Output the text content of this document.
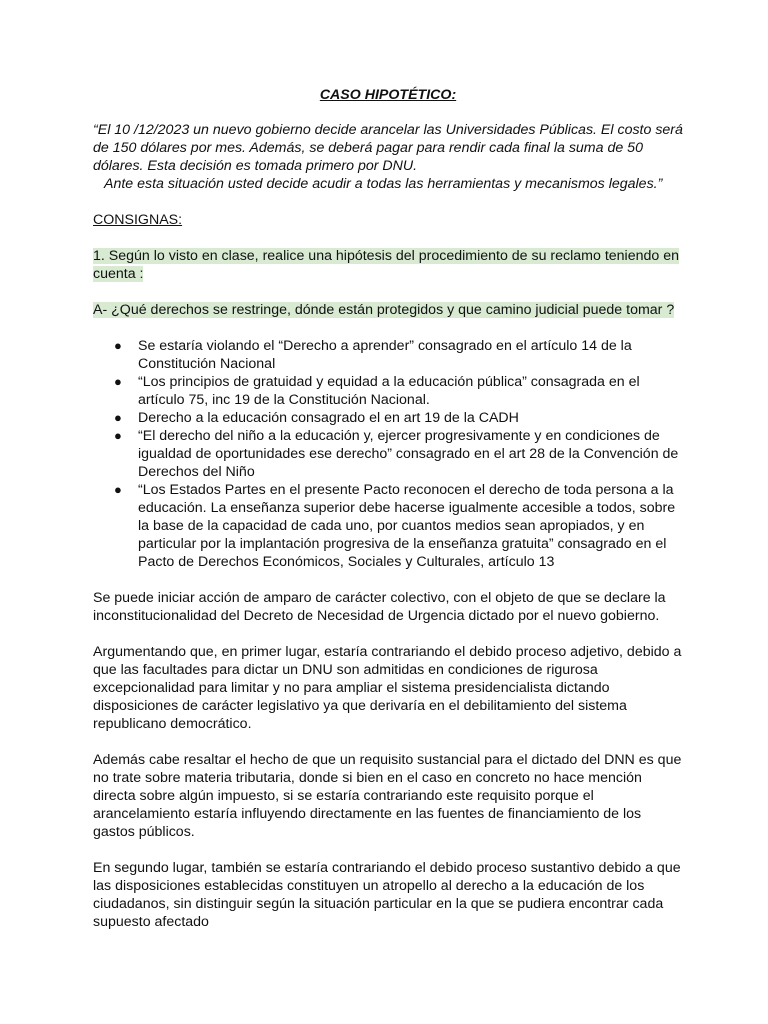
CASO HIPOTÉTICO:

“El 10 /12/2023 un nuevo gobierno decide arancelar las Universidades Públicas. El costo será de 150 dólares por mes. Además, se deberá pagar para rendir cada final la suma de 50 dólares. Esta decisión es tomada primero por DNU.

Ante esta situación usted decide acudir a todas las herramientas y mecanismos legales.”

CONSIGNAS:

1. Según lo visto en clase, realice una hipótesis del procedimiento de su reclamo teniendo en cuenta :

A- ¿Qué derechos se restringe, dónde están protegidos y que camino judicial puede tomar ?

● Se estaría violando el “Derecho a aprender” consagrado en el artículo 14 de la Constitución Nacional
● “Los principios de gratuidad y equidad a la educación pública” consagrada en el artículo 75, inc 19 de la Constitución Nacional.
● Derecho a la educación consagrado el en art 19 de la CADH
● “El derecho del niño a la educación y, ejercer progresivamente y en condiciones de igualdad de oportunidades ese derecho” consagrado en el art 28 de la Convención de Derechos del Niño
● “Los Estados Partes en el presente Pacto reconocen el derecho de toda persona a la educación. La enseñanza superior debe hacerse igualmente accesible a todos, sobre la base de la capacidad de cada uno, por cuantos medios sean apropiados, y en particular por la implantación progresiva de la enseñanza gratuita” consagrado en el Pacto de Derechos Económicos, Sociales y Culturales, artículo 13

Se puede iniciar acción de amparo de carácter colectivo, con el objeto de que se declare la inconstitucionalidad del Decreto de Necesidad de Urgencia dictado por el nuevo gobierno.

Argumentando que, en primer lugar, estaría contrariando el debido proceso adjetivo, debido a que las facultades para dictar un DNU son admitidas en condiciones de rigurosa excepcionalidad para limitar y no para ampliar el sistema presidencialista dictando disposiciones de carácter legislativo ya que derivaría en el debilitamiento del sistema republicano democrático.

Además cabe resaltar el hecho de que un requisito sustancial para el dictado del DNN es que no trate sobre materia tributaria, donde si bien en el caso en concreto no hace mención directa sobre algún impuesto, si se estaría contrariando este requisito porque el arancelamiento estaría influyendo directamente en las fuentes de financiamiento de los gastos públicos.

En segundo lugar, también se estaría contrariando el debido proceso sustantivo debido a que las disposiciones establecidas constituyen un atropello al derecho a la educación de los ciudadanos, sin distinguir según la situación particular en la que se pudiera encontrar cada supuesto afectado
